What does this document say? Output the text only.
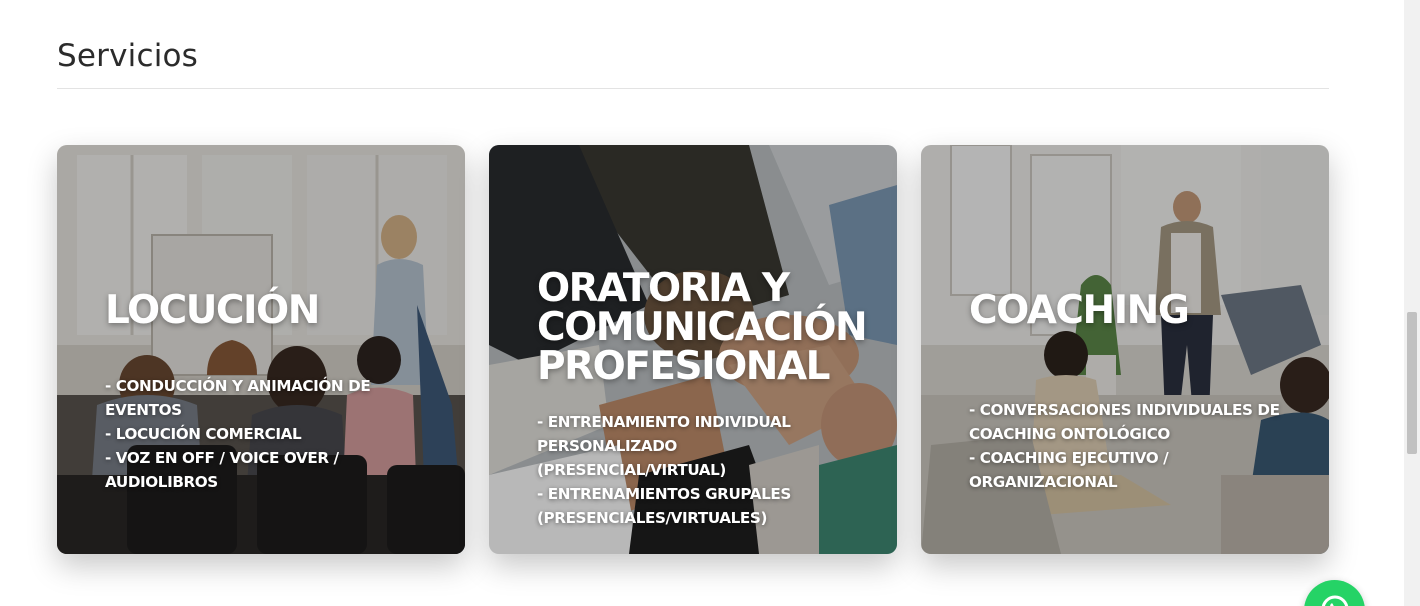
Servicios
LOCUCIÓN

- CONDUCCIÓN Y ANIMACIÓN DE
EVENTOS
- LOCUCIÓN COMERCIAL
- VOZ EN OFF / VOICE OVER /
AUDIOLIBROS

ORATORIA Y
COMUNICACIÓN
PROFESIONAL

- ENTRENAMIENTO INDIVIDUAL
PERSONALIZADO (PRESENCIAL/VIRTUAL)
- ENTRENAMIENTOS GRUPALES
(PRESENCIALES/VIRTUALES)

COACHING

- CONVERSACIONES INDIVIDUALES DE
COACHING ONTOLÓGICO
- COACHING EJECUTIVO /
ORGANIZACIONAL
